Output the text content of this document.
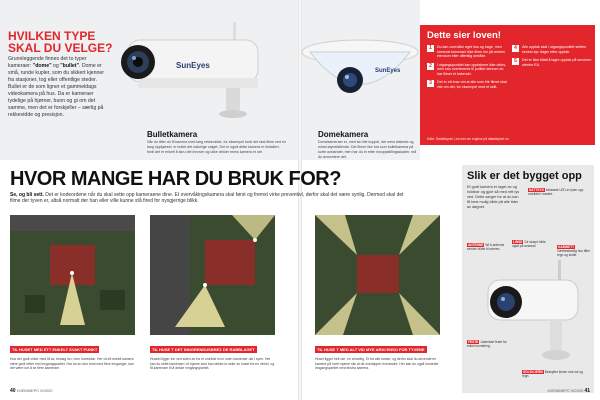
HVILKEN TYPE SKAL DU VELGE?
Grunnleggende finnes det to typer kameraer: "dome" og "bullet". Dome er små, runde kupler, som du sikkert kjenner fra stasjoner, tog eller offentlige steder. Bullet er de som ligner et gammeldags videokamera på hus. Da er kameraer tydelige på hjørner, bunn og gi om det samme, men det er forskjeller – særlig på rekkevidde og presisjon.
SunEyes
Bulletkamera
Når du titter du fil kamera med lang rekkevidde, for eksempel fordi det skal filme ned en lang oppkjørsel, er bullet det naturlige valget. Det er også dette kamera er installert, fordi det er enkelt å skru det innover og ulike vinkler mens kamera er ute.
SunEyes
Domekamera
Domekameraer er, med sin lille kuppel, det mest diskrete og minst iøynefallende. Det filmer like bra som bulletkamera på korte avstander, men har du et rette innoppstillingsskader, må du avmontere det.
Dette sier loven!
1	Du kan overvåke eget hus og hage, men kamerat kameraer ikke filme inn på andres eiendom eller offentlig område.
2	I utgangspunktet kan opptakene ikke deles, men kan overleveres til politiet dersom du har filmet et lovbrudd.
3	Det er ett krav om at alle som blir filmet skal vite om det, for eksempel med et skilt.
4	Alle opptak skal i utgangspunktet slettes senest syv dager etter opptak.
5	Det er ikke tillatt å lagre opptak på serveren utenfor EU.
Kilde: Datatilsynet. Les mer om reglene på datatilsynet.no.
HVOR MANGE HAR DU BRUK FOR?
Se, og bli sett. Det er kodeordene når du skal sette opp kameraene dine. Et overvåkingskamera skal først og fremst virke preventivt, derfor skal det være synlig. Dermed skal det filme der tyven er, altså normalt der han eller ville kunne stå fired for nysgjerrige blikk.
TIL HUSET MED ETT ENKELT SVAKT PUNKT
Hus der godt virker med få av, beslag inn, men hoveddør. Her vil ett enkelt kamera være godt rettet mot inngangspartiet. Har du en stor tomt med flere innganger, kan det være lurt å se flere kameraer.
TIL HUSE T DET INNGRENDUSBREZ DE RABBLAGET
Husket ligger inn ved siden av fra et område hvor noen kameraer ute i syne. Her kan du sette kameraer i et hjørne som kan dekke to sider av huset fra én vinkel, og få kameraer til å dekke inngangspartiet.
TIL HUSE T MED ALT VID MYE ARKI ENSO FOR TYVENE
Huset ligger helt ute, en vinkeltig. Et fra alle kanter, og derfor skal du anvende en kamera på hvert hjørne slik at de overlapper hverandre. Her kan du også forsterke inngangspartiet med ekstra kamera.
Slik er det bygget opp
Et godt kamera er laget av og holdbar og gjort så med rett lys ved. Dette sørger for at du kan få best mulig bilde på alle tider av døgnet.
NATTSYN Infrarøde LED-er lyser opp området i mørket.
ANTENNE Wi-fi-antenne sender bildet til ruteren.
LINSE Gir skarpt bilde også på avstand.	KABINETT Værbestandig hus tåler regn og kulde.
FESTE Justerbart feste for enkel montering.
SOLSKJERM Beskytter linsen mot sol og regn.
40 HJEMMEPC 9/2020	HJEMMEPC 9/2020 41
